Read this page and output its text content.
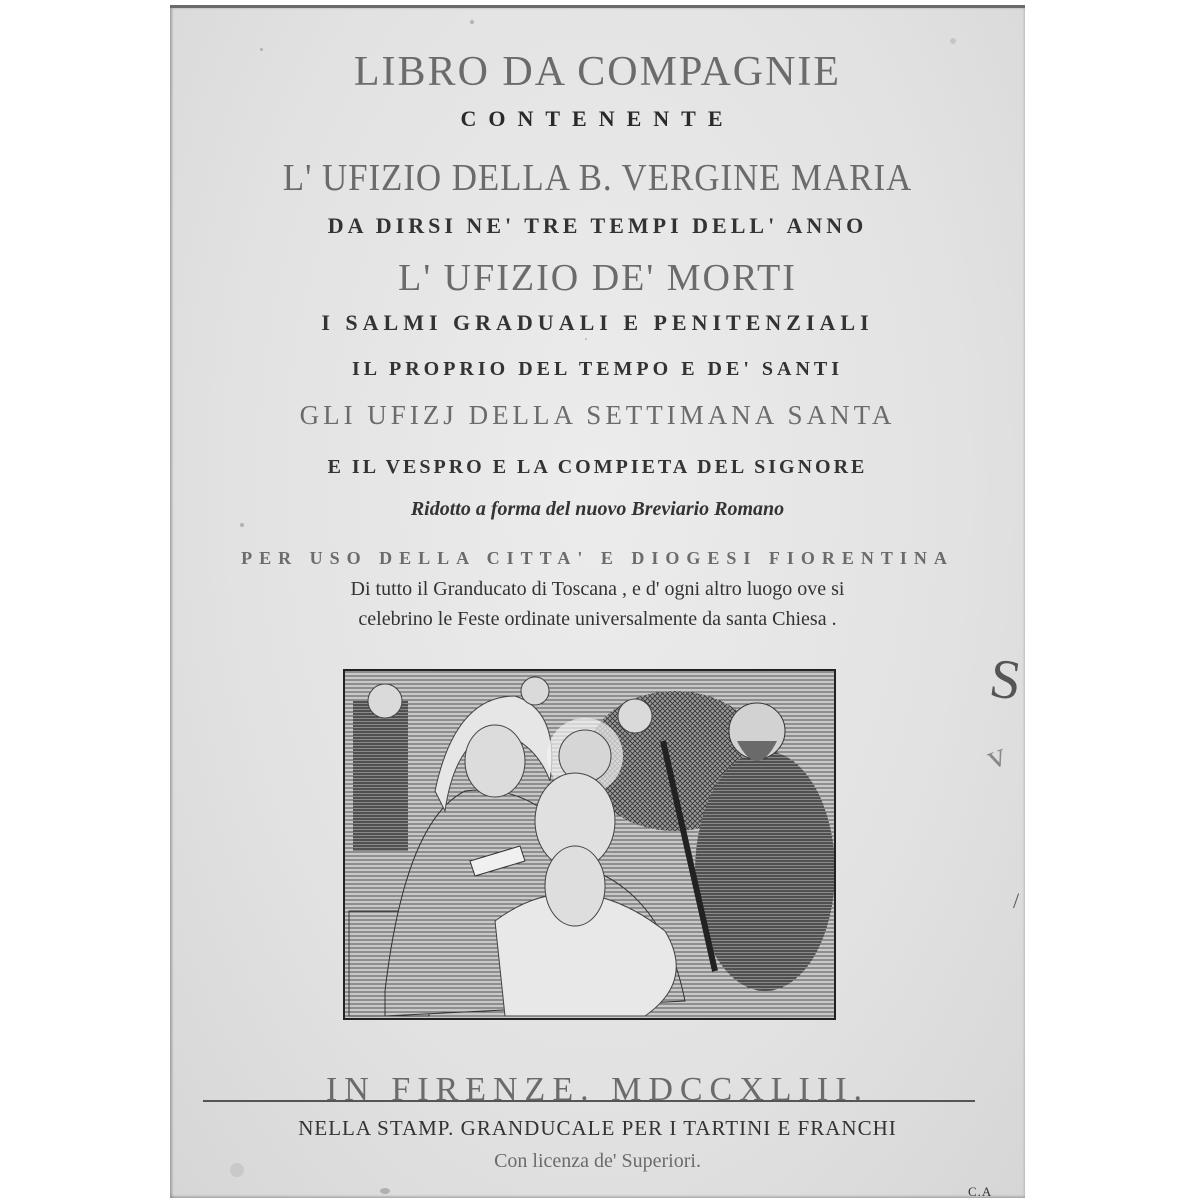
LIBRO DA COMPAGNIE
CONTENENTE
L' UFIZIO DELLA B. VERGINE MARIA
DA DIRSI NE' TRE TEMPI DELL' ANNO
L' UFIZIO DE' MORTI
I SALMI GRADUALI E PENITENZIALI
IL PROPRIO DEL TEMPO E DE' SANTI
GLI UFIZJ DELLA SETTIMANA SANTA
E IL VESPRO E LA COMPIETA DEL SIGNORE
Ridotto a forma del nuovo Breviario Romano
PER USO DELLA CITTA' E DIOGESI FIORENTINA
Di tutto il Granducato di Toscana , e d' ogni altro luogo ove si
celebrino le Feste ordinate universalmente da santa Chiesa .
IN FIRENZE. MDCCXLIII.
NELLA STAMP. GRANDUCALE PER I TARTINI E FRANCHI
Con licenza de' Superiori.
S
v
/
C.A
